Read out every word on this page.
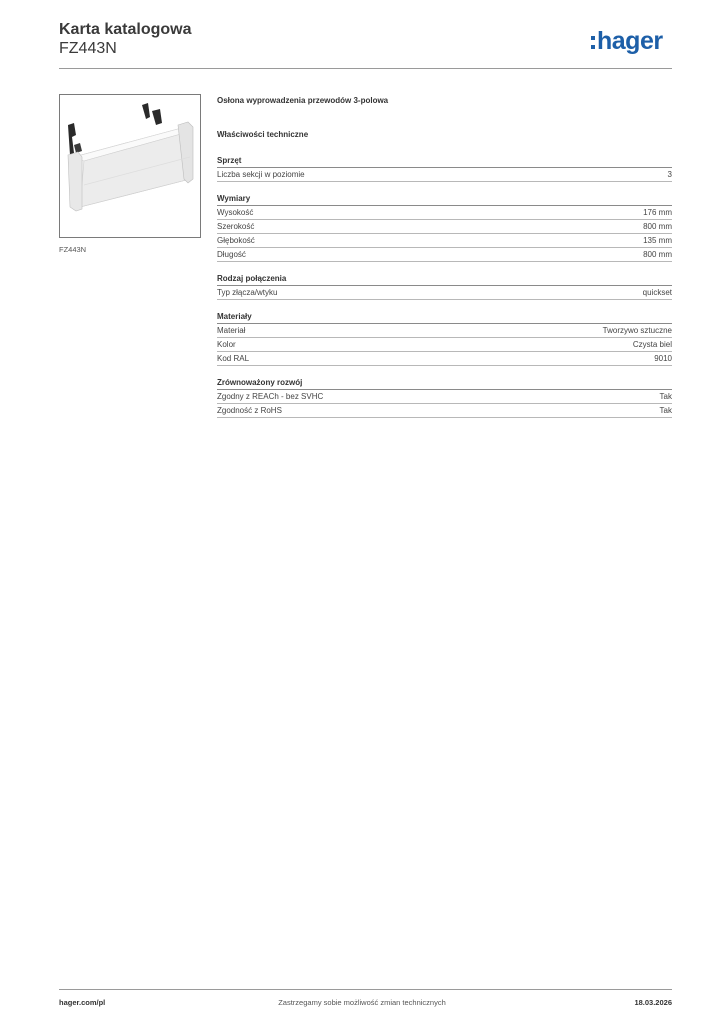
Karta katalogowa
FZ443N	hager
FZ443N
Osłona wyprowadzenia przewodów 3-polowa
Właściwości techniczne
Sprzęt
Liczba sekcji w poziomie	3
Wymiary
Wysokość	176 mm
Szerokość	800 mm
Głębokość	135 mm
Długość	800 mm
Rodzaj połączenia
Typ złącza/wtyku	quickset
Materiały
Materiał	Tworzywo sztuczne
Kolor	Czysta biel
Kod RAL	9010
Zrównoważony rozwój
Zgodny z REACh - bez SVHC	Tak
Zgodność z RoHS	Tak
hager.com/pl	Zastrzegamy sobie możliwość zmian technicznych	18.03.2026
